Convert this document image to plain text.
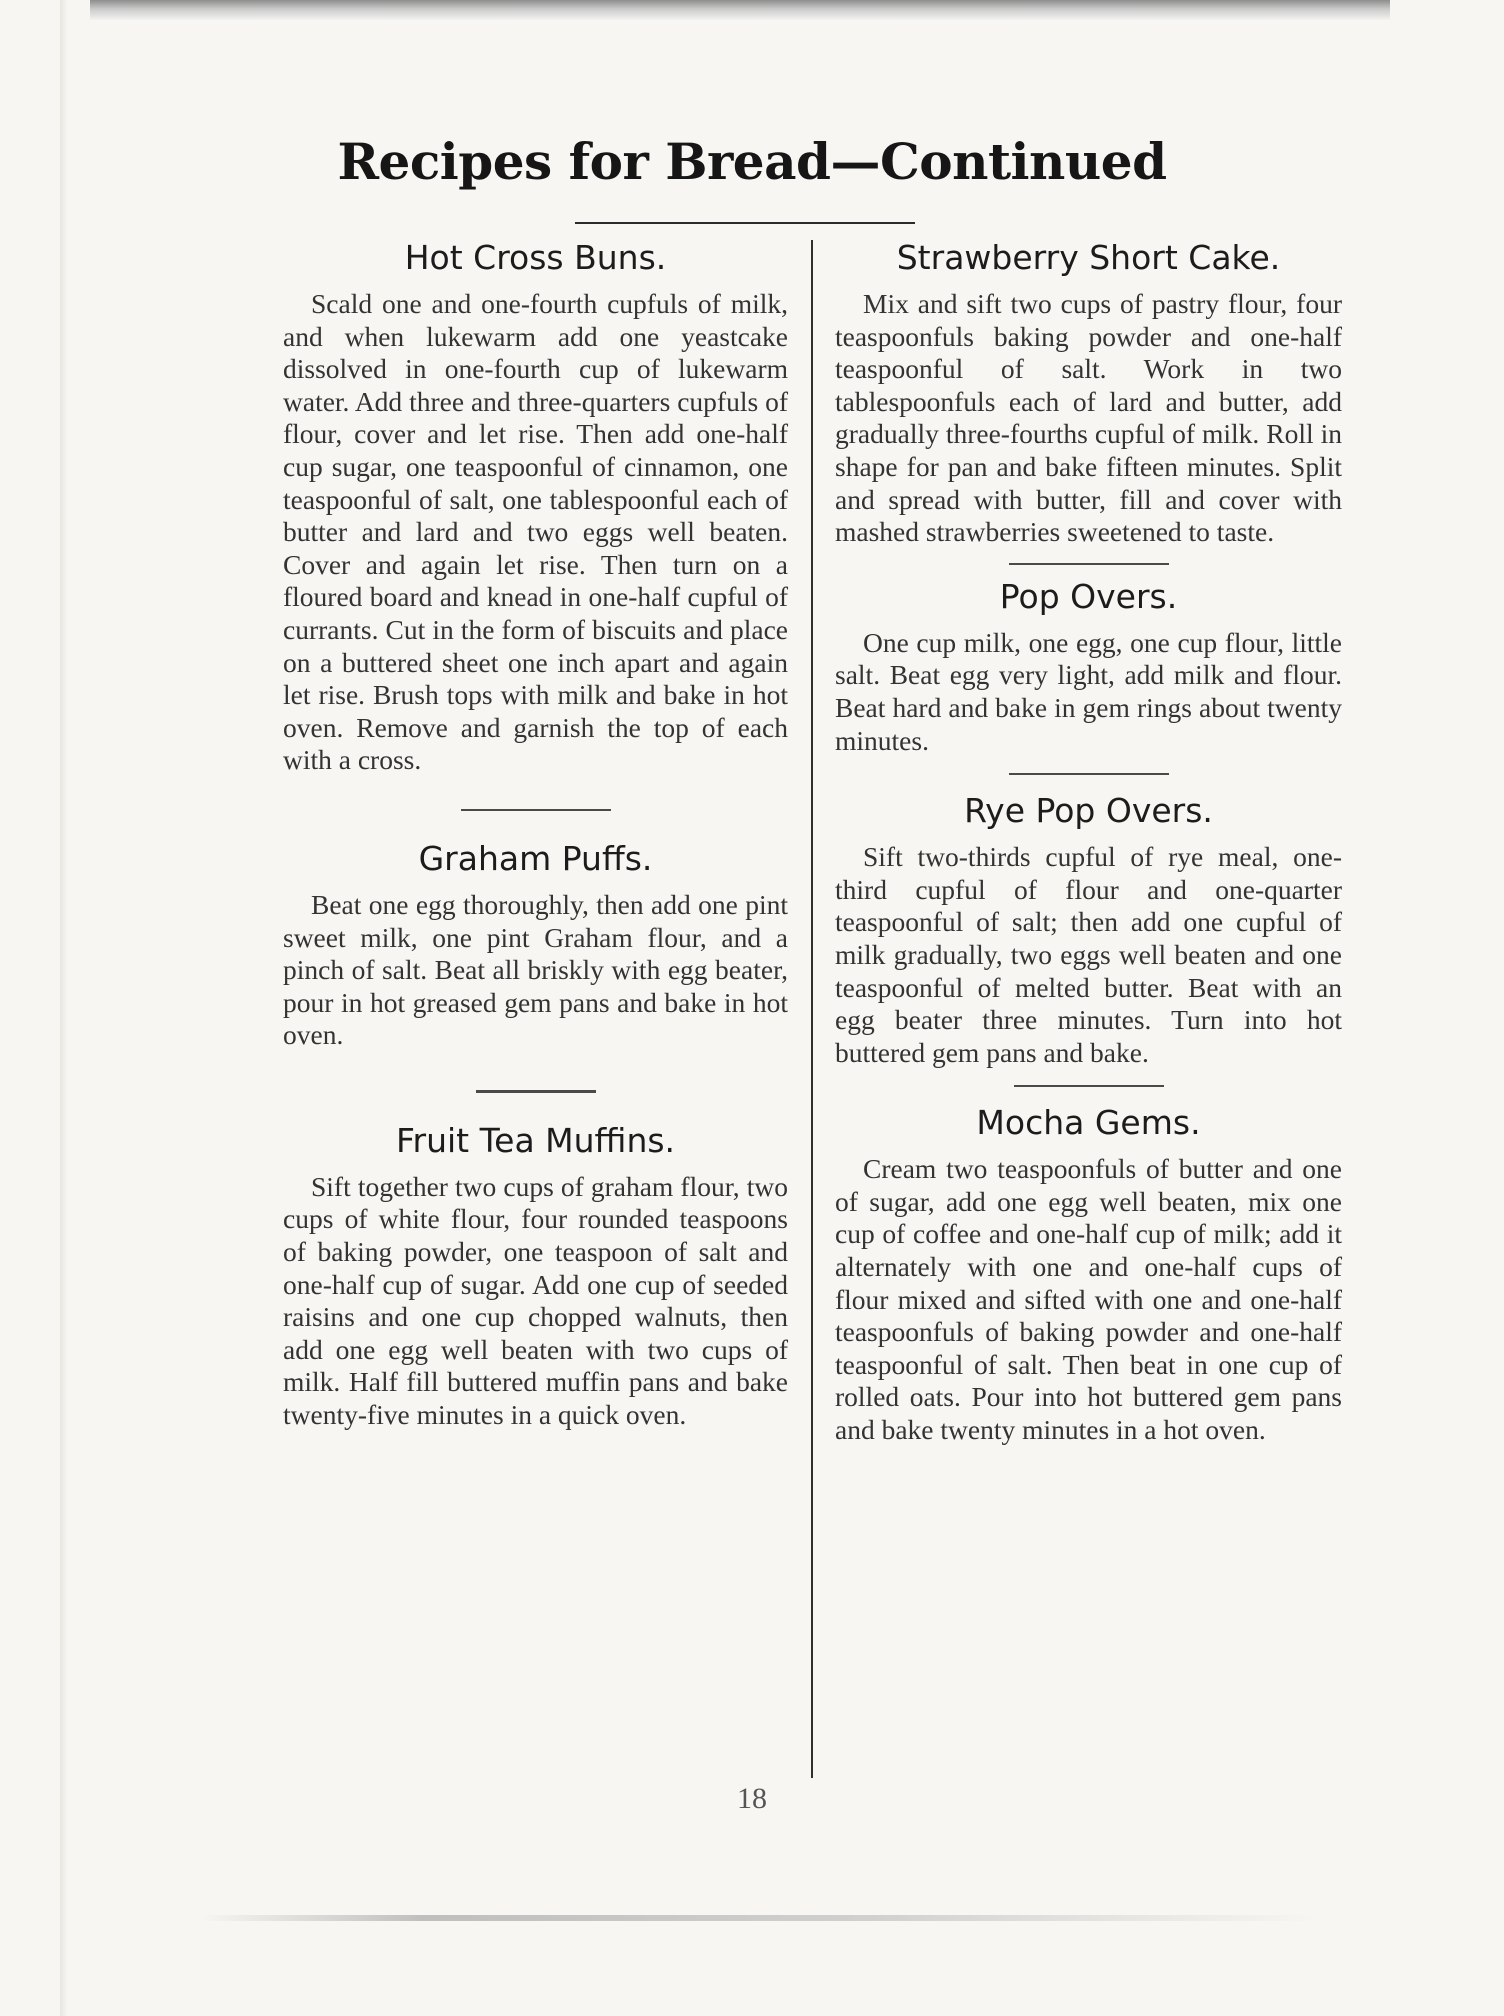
Recipes for Bread—Continued
Hot Cross Buns.

Scald one and one-fourth cupfuls of milk, and when lukewarm add one yeastcake dissolved in one-fourth cup of lukewarm water. Add three and three-quarters cupfuls of flour, cover and let rise. Then add one-half cup sugar, one teaspoonful of cinnamon, one teaspoonful of salt, one tablespoonful each of butter and lard and two eggs well beaten. Cover and again let rise. Then turn on a floured board and knead in one-half cupful of currants. Cut in the form of biscuits and place on a buttered sheet one inch apart and again let rise. Brush tops with milk and bake in hot oven. Remove and garnish the top of each with a cross.

Graham Puffs.

Beat one egg thoroughly, then add one pint sweet milk, one pint Graham flour, and a pinch of salt. Beat all briskly with egg beater, pour in hot greased gem pans and bake in hot oven.

Fruit Tea Muffins.

Sift together two cups of graham flour, two cups of white flour, four rounded teaspoons of baking powder, one teaspoon of salt and one-half cup of sugar. Add one cup of seeded raisins and one cup chopped walnuts, then add one egg well beaten with two cups of milk. Half fill buttered muffin pans and bake twenty-five minutes in a quick oven.

Strawberry Short Cake.

Mix and sift two cups of pastry flour, four teaspoonfuls baking powder and one-half teaspoonful of salt. Work in two tablespoonfuls each of lard and butter, add gradually three-fourths cupful of milk. Roll in shape for pan and bake fifteen minutes. Split and spread with butter, fill and cover with mashed strawberries sweetened to taste.

Pop Overs.

One cup milk, one egg, one cup flour, little salt. Beat egg very light, add milk and flour. Beat hard and bake in gem rings about twenty minutes.

Rye Pop Overs.

Sift two-thirds cupful of rye meal, one-third cupful of flour and one-quarter teaspoonful of salt; then add one cupful of milk gradually, two eggs well beaten and one teaspoonful of melted butter. Beat with an egg beater three minutes. Turn into hot buttered gem pans and bake.

Mocha Gems.

Cream two teaspoonfuls of butter and one of sugar, add one egg well beaten, mix one cup of coffee and one-half cup of milk; add it alternately with one and one-half cups of flour mixed and sifted with one and one-half teaspoonfuls of baking powder and one-half teaspoonful of salt. Then beat in one cup of rolled oats. Pour into hot buttered gem pans and bake twenty minutes in a hot oven.

18
